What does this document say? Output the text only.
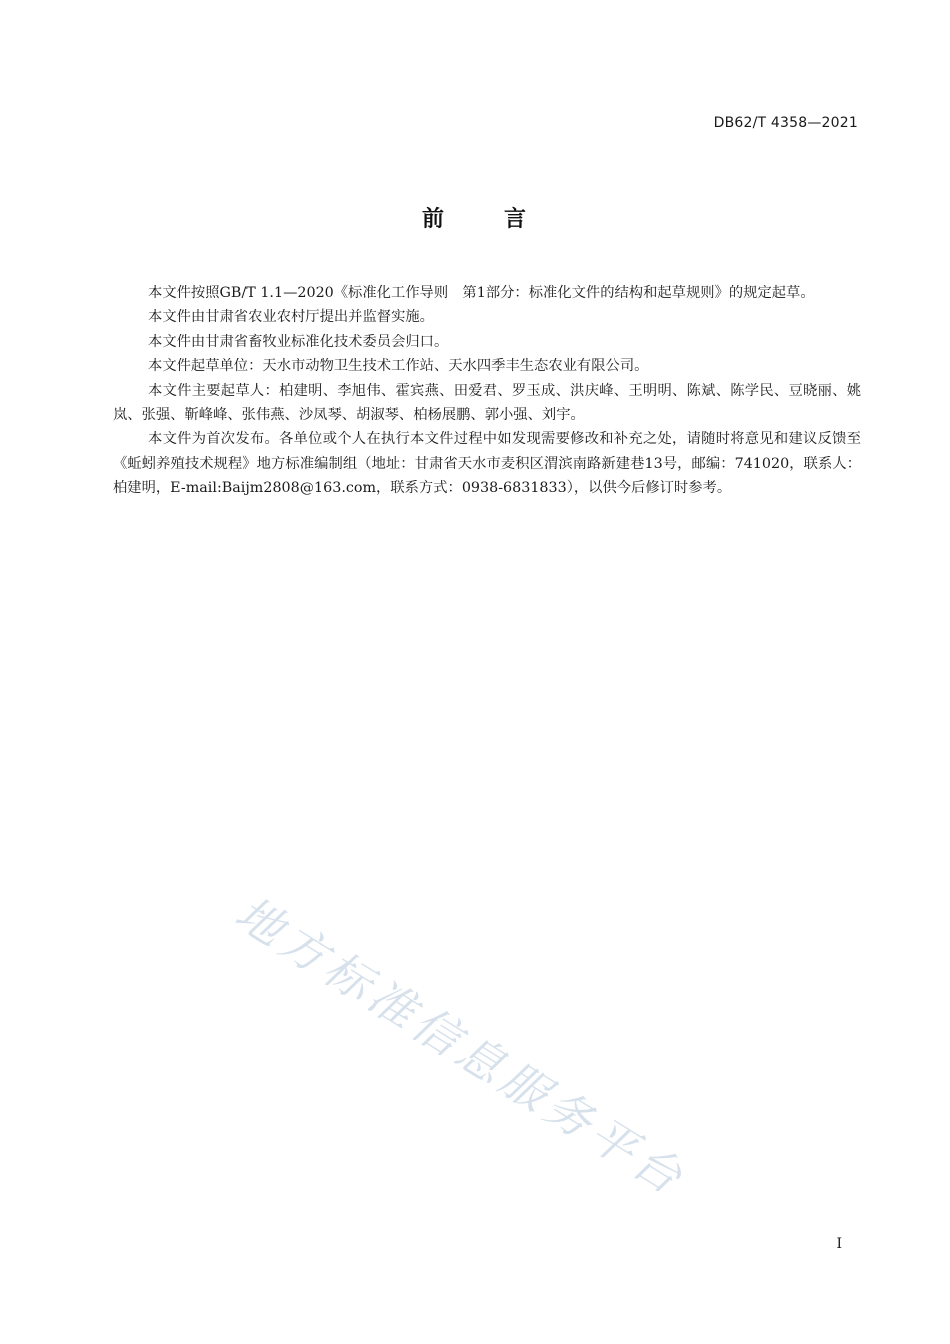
DB62/T 4358—2021
前言

本文件按照GB/T 1.1—2020《标准化工作导则　第1部分：标准化文件的结构和起草规则》的规定起草。

本文件由甘肃省农业农村厅提出并监督实施。

本文件由甘肃省畜牧业标准化技术委员会归口。

本文件起草单位：天水市动物卫生技术工作站、天水四季丰生态农业有限公司。

本文件主要起草人：柏建明、李旭伟、霍宾燕、田爱君、罗玉成、洪庆峰、王明明、陈斌、陈学民、豆晓丽、姚岚、张强、靳峰峰、张伟燕、沙凤琴、胡淑琴、柏杨展鹏、郭小强、刘宇。

本文件为首次发布。各单位或个人在执行本文件过程中如发现需要修改和补充之处，请随时将意见和建议反馈至《蚯蚓养殖技术规程》地方标准编制组（地址：甘肃省天水市麦积区渭滨南路新建巷13号，邮编：741020，联系人：柏建明，E-mail:Baijm2808@163.com，联系方式：0938-6831833），以供今后修订时参考。

地方标准信息服务平台
I
